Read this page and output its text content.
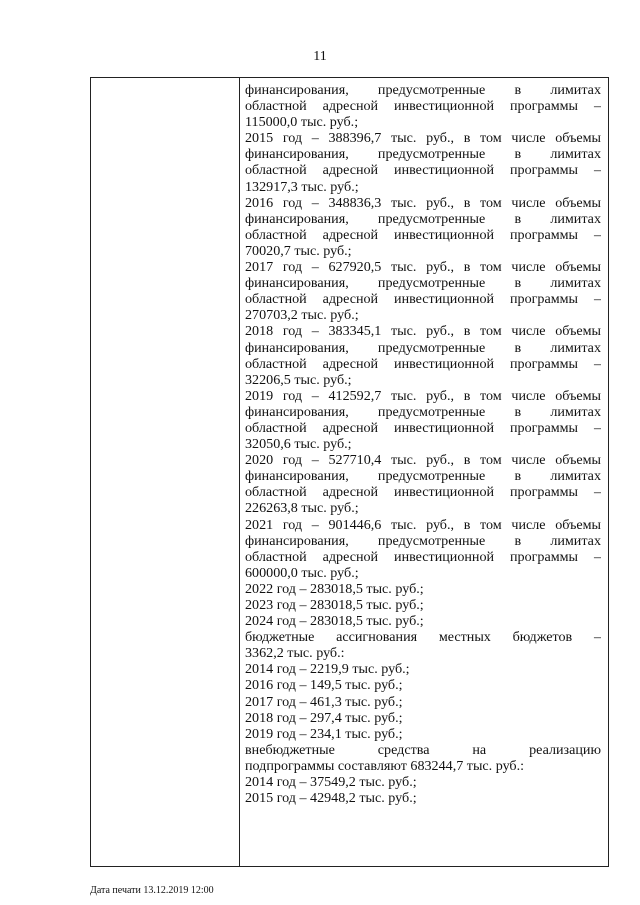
11
финансирования, предусмотренные в лимитах
областной адресной инвестиционной программы –
115000,0 тыс. руб.;
2015 год – 388396,7 тыс. руб., в том числе объемы
финансирования, предусмотренные в лимитах
областной адресной инвестиционной программы –
132917,3 тыс. руб.;
2016 год – 348836,3 тыс. руб., в том числе объемы
финансирования, предусмотренные в лимитах
областной адресной инвестиционной программы –
70020,7 тыс. руб.;
2017 год – 627920,5 тыс. руб., в том числе объемы
финансирования, предусмотренные в лимитах
областной адресной инвестиционной программы –
270703,2 тыс. руб.;
2018 год – 383345,1 тыс. руб., в том числе объемы
финансирования, предусмотренные в лимитах
областной адресной инвестиционной программы –
32206,5 тыс. руб.;
2019 год – 412592,7 тыс. руб., в том числе объемы
финансирования, предусмотренные в лимитах
областной адресной инвестиционной программы –
32050,6 тыс. руб.;
2020 год – 527710,4 тыс. руб., в том числе объемы
финансирования, предусмотренные в лимитах
областной адресной инвестиционной программы –
226263,8 тыс. руб.;
2021 год – 901446,6 тыс. руб., в том числе объемы
финансирования, предусмотренные в лимитах
областной адресной инвестиционной программы –
600000,0 тыс. руб.;
2022 год – 283018,5 тыс. руб.;
2023 год – 283018,5 тыс. руб.;
2024 год – 283018,5 тыс. руб.;
бюджетные ассигнования местных бюджетов –
3362,2 тыс. руб.:
2014 год – 2219,9 тыс. руб.;
2016 год – 149,5 тыс. руб.;
2017 год – 461,3 тыс. руб.;
2018 год – 297,4 тыс. руб.;
2019 год – 234,1 тыс. руб.;
внебюджетные средства на реализацию
подпрограммы составляют 683244,7 тыс. руб.:
2014 год – 37549,2 тыс. руб.;
2015 год – 42948,2 тыс. руб.;
Дата печати 13.12.2019 12:00
